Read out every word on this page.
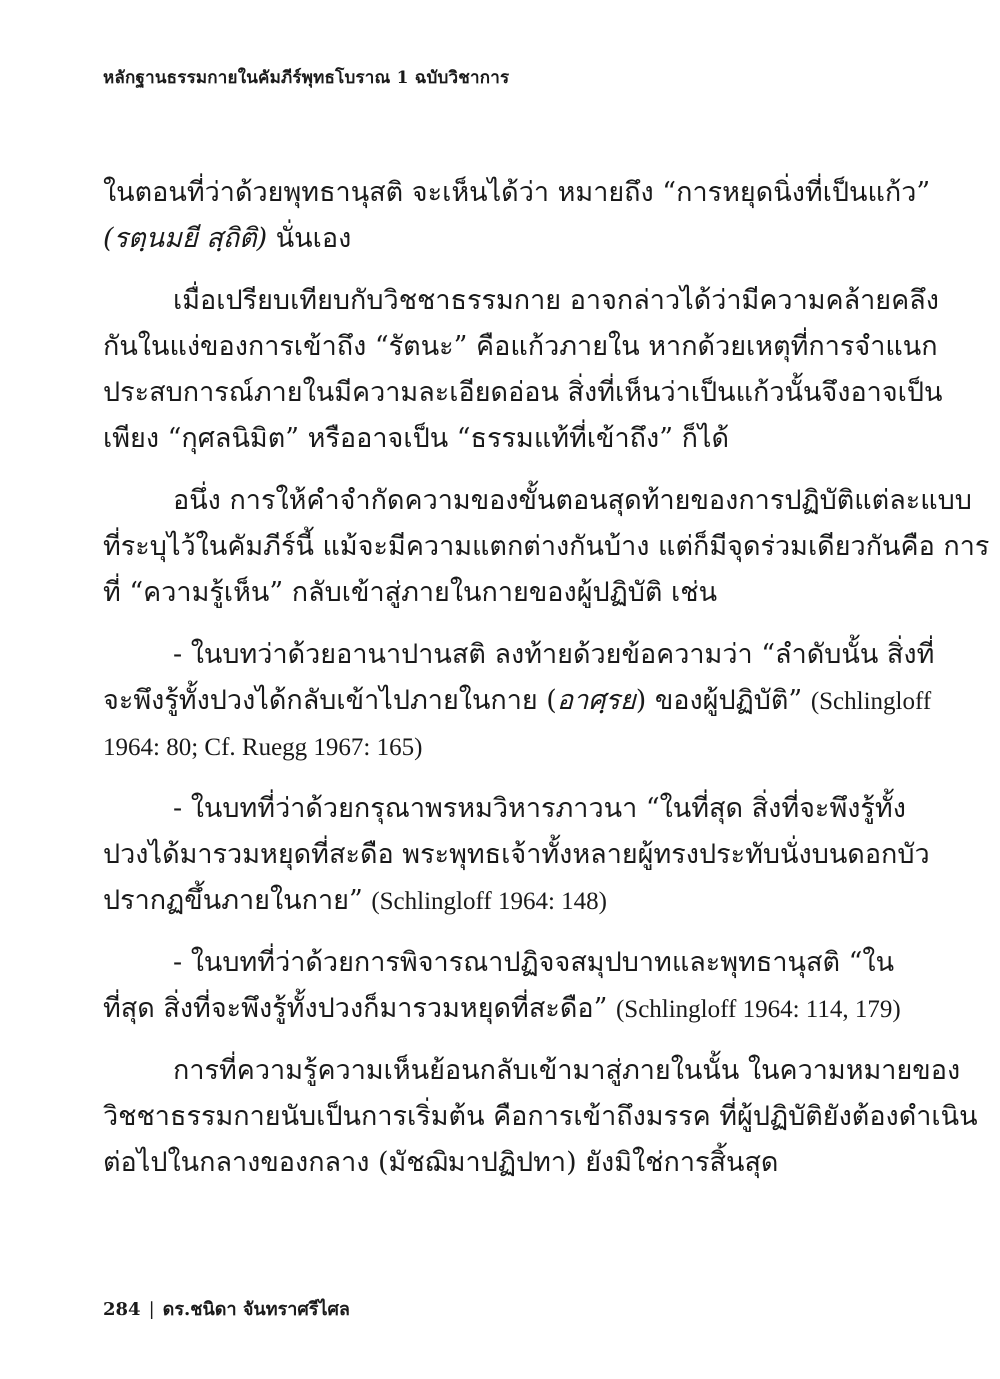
หลักฐานธรรมกายในคัมภีร์พุทธโบราณ 1 ฉบับวิชาการ
ในตอนที่ว่าด้วยพุทธานุสติ จะเห็นได้ว่า หมายถึง “การหยุดนิ่งที่เป็นแก้ว”
(รตฺนมยี สฺถิติ) นั่นเอง
เมื่อเปรียบเทียบกับวิชชาธรรมกาย อาจกล่าวได้ว่ามีความคล้ายคลึง
กันในแง่ของการเข้าถึง “รัตนะ” คือแก้วภายใน หากด้วยเหตุที่การจำแนก
ประสบการณ์ภายในมีความละเอียดอ่อน สิ่งที่เห็นว่าเป็นแก้วนั้นจึงอาจเป็น
เพียง “กุศลนิมิต” หรืออาจเป็น “ธรรมแท้ที่เข้าถึง” ก็ได้
อนึ่ง การให้คำจำกัดความของขั้นตอนสุดท้ายของการปฏิบัติแต่ละแบบ
ที่ระบุไว้ในคัมภีร์นี้ แม้จะมีความแตกต่างกันบ้าง แต่ก็มีจุดร่วมเดียวกันคือ การ
ที่ “ความรู้เห็น” กลับเข้าสู่ภายในกายของผู้ปฏิบัติ เช่น
- ในบทว่าด้วยอานาปานสติ ลงท้ายด้วยข้อความว่า “ลำดับนั้น สิ่งที่
จะพึงรู้ทั้งปวงได้กลับเข้าไปภายในกาย (อาศฺรย) ของผู้ปฏิบัติ” (Schlingloff
1964: 80; Cf. Ruegg 1967: 165)
- ในบทที่ว่าด้วยกรุณาพรหมวิหารภาวนา “ในที่สุด สิ่งที่จะพึงรู้ทั้ง
ปวงได้มารวมหยุดที่สะดือ พระพุทธเจ้าทั้งหลายผู้ทรงประทับนั่งบนดอกบัว
ปรากฏขึ้นภายในกาย” (Schlingloff 1964: 148)
- ในบทที่ว่าด้วยการพิจารณาปฏิจจสมุปบาทและพุทธานุสติ “ใน
ที่สุด สิ่งที่จะพึงรู้ทั้งปวงก็มารวมหยุดที่สะดือ” (Schlingloff 1964: 114, 179)
การที่ความรู้ความเห็นย้อนกลับเข้ามาสู่ภายในนั้น ในความหมายของ
วิชชาธรรมกายนับเป็นการเริ่มต้น คือการเข้าถึงมรรค ที่ผู้ปฏิบัติยังต้องดำเนิน
ต่อไปในกลางของกลาง (มัชฌิมาปฏิปทา) ยังมิใช่การสิ้นสุด
284 | ดร.ชนิดา จันทราศรีไศล
